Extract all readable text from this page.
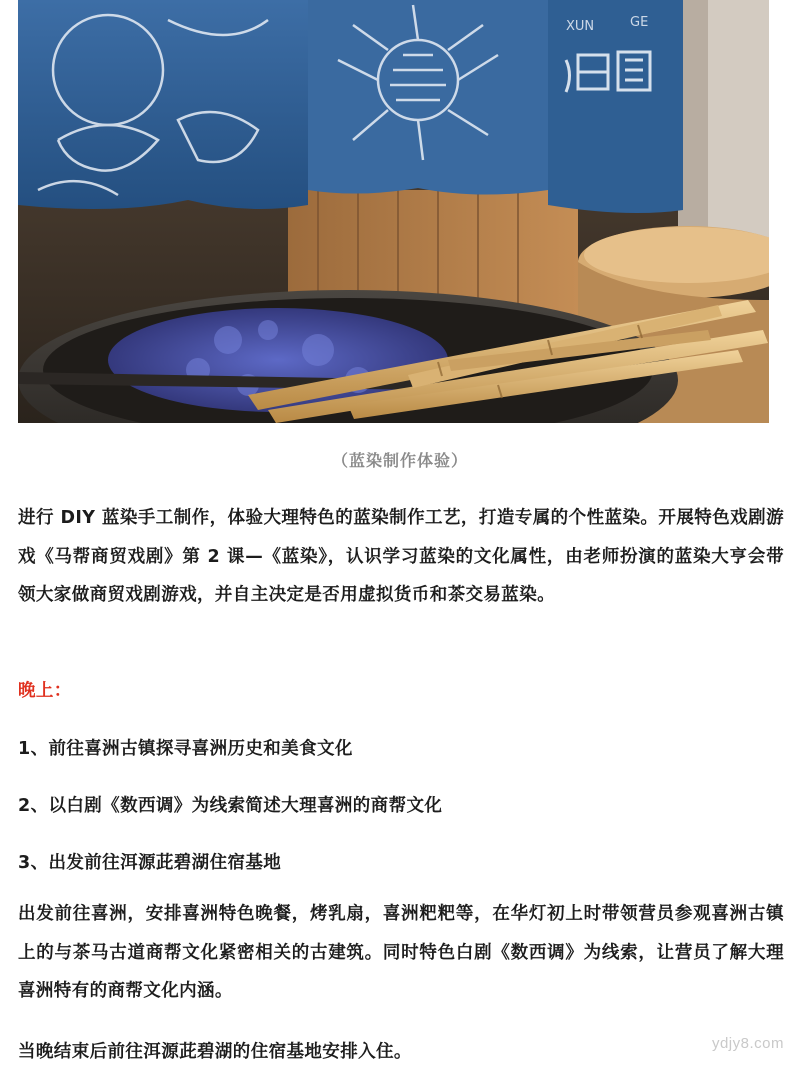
XUN	GE
（蓝染制作体验）

进行 DIY 蓝染手工制作，体验大理特色的蓝染制作工艺，打造专属的个性蓝染。开展特色戏剧游戏《马帮商贸戏剧》第 2 课—《蓝染》，认识学习蓝染的文化属性，由老师扮演的蓝染大亨会带领大家做商贸戏剧游戏，并自主决定是否用虚拟货币和茶交易蓝染。

晚上：

1、前往喜洲古镇探寻喜洲历史和美食文化

2、以白剧《数西调》为线索简述大理喜洲的商帮文化

3、出发前往洱源茈碧湖住宿基地

出发前往喜洲，安排喜洲特色晚餐，烤乳扇，喜洲粑粑等，在华灯初上时带领营员参观喜洲古镇上的与茶马古道商帮文化紧密相关的古建筑。同时特色白剧《数西调》为线索，让营员了解大理喜洲特有的商帮文化内涵。

当晚结束后前往洱源茈碧湖的住宿基地安排入住。	ydjy8.com
